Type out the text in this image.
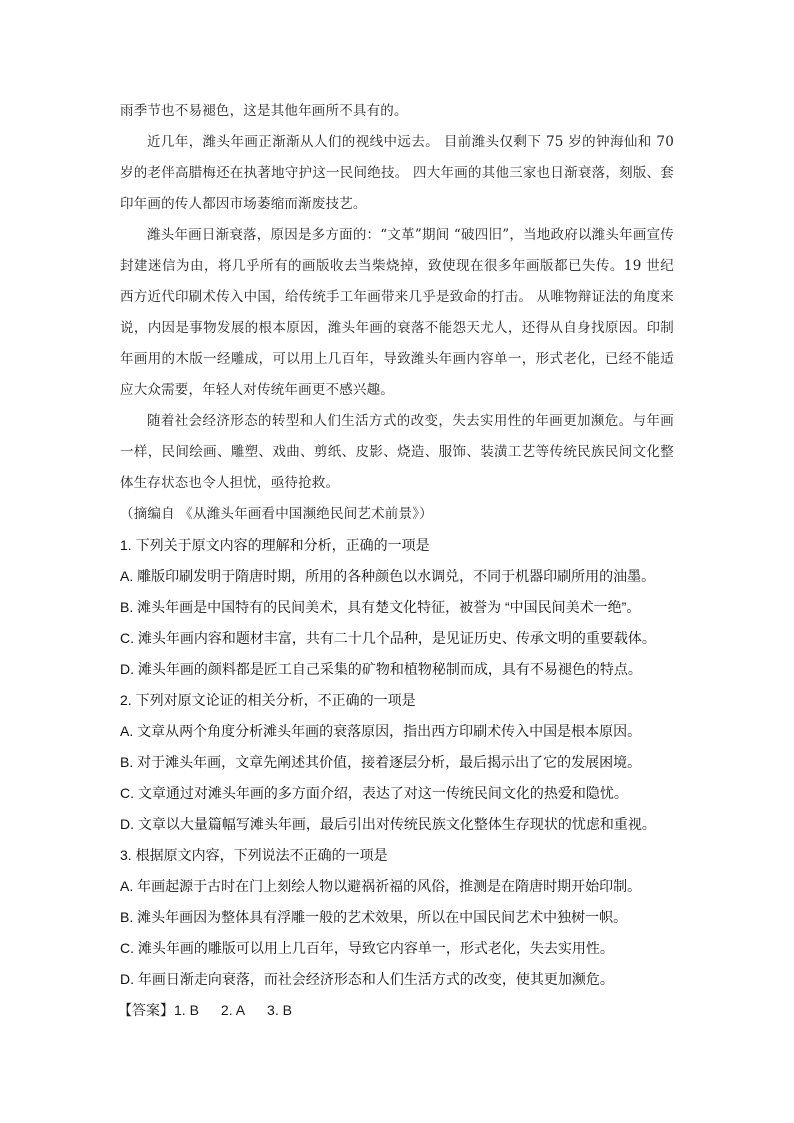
雨季节也不易褪色，这是其他年画所不具有的。

近几年，潍头年画正渐渐从人们的视线中远去。 目前潍头仅剩下 75 岁的钟海仙和 70 岁的老伴高腊梅还在执著地守护这一民间绝技。 四大年画的其他三家也日渐衰落，刻版、套印年画的传人都因市场萎缩而渐废技艺。

潍头年画日渐衰落，原因是多方面的：“文革”期间 “破四旧”，当地政府以潍头年画宣传封建迷信为由，将几乎所有的画版收去当柴烧掉，致使现在很多年画版都已失传。19 世纪西方近代印刷术传入中国，给传统手工年画带来几乎是致命的打击。 从唯物辩证法的角度来说，内因是事物发展的根本原因，潍头年画的衰落不能怨天尤人，还得从自身找原因。印制年画用的木版一经雕成，可以用上几百年，导致潍头年画内容单一，形式老化，已经不能适应大众需要，年轻人对传统年画更不感兴趣。

随着社会经济形态的转型和人们生活方式的改变，失去实用性的年画更加濒危。与年画一样，民间绘画、雕塑、戏曲、剪纸、皮影、烧造、服饰、装潢工艺等传统民族民间文化整体生存状态也令人担忧，亟待抢救。

（摘编自 《从潍头年画看中国濒绝民间艺术前景》）

1. 下列关于原文内容的理解和分析，正确的一项是
A. 雕版印刷发明于隋唐时期，所用的各种颜色以水调兑，不同于机器印刷所用的油墨。
B. 滩头年画是中国特有的民间美术，具有楚文化特征，被誉为 “中国民间美术一绝”。
C. 滩头年画内容和题材丰富，共有二十几个品种，是见证历史、传承文明的重要载体。
D. 滩头年画的颜料都是匠工自己采集的矿物和植物秘制而成，具有不易褪色的特点。
2. 下列对原文论证的相关分析，不正确的一项是
A. 文章从两个角度分析滩头年画的衰落原因，指出西方印刷术传入中国是根本原因。
B. 对于滩头年画，文章先阐述其价值，接着逐层分析，最后揭示出了它的发展困境。
C. 文章通过对滩头年画的多方面介绍，表达了对这一传统民间文化的热爱和隐忧。
D. 文章以大量篇幅写滩头年画，最后引出对传统民族文化整体生存现状的忧虑和重视。
3. 根据原文内容，下列说法不正确的一项是
A. 年画起源于古时在门上刻绘人物以避祸祈福的风俗，推测是在隋唐时期开始印制。
B. 滩头年画因为整体具有浮雕一般的艺术效果，所以在中国民间艺术中独树一帜。
C. 滩头年画的雕版可以用上几百年，导致它内容单一，形式老化，失去实用性。
D. 年画日渐走向衰落，而社会经济形态和人们生活方式的改变，使其更加濒危。
【答案】1. B 2. A 3. B
